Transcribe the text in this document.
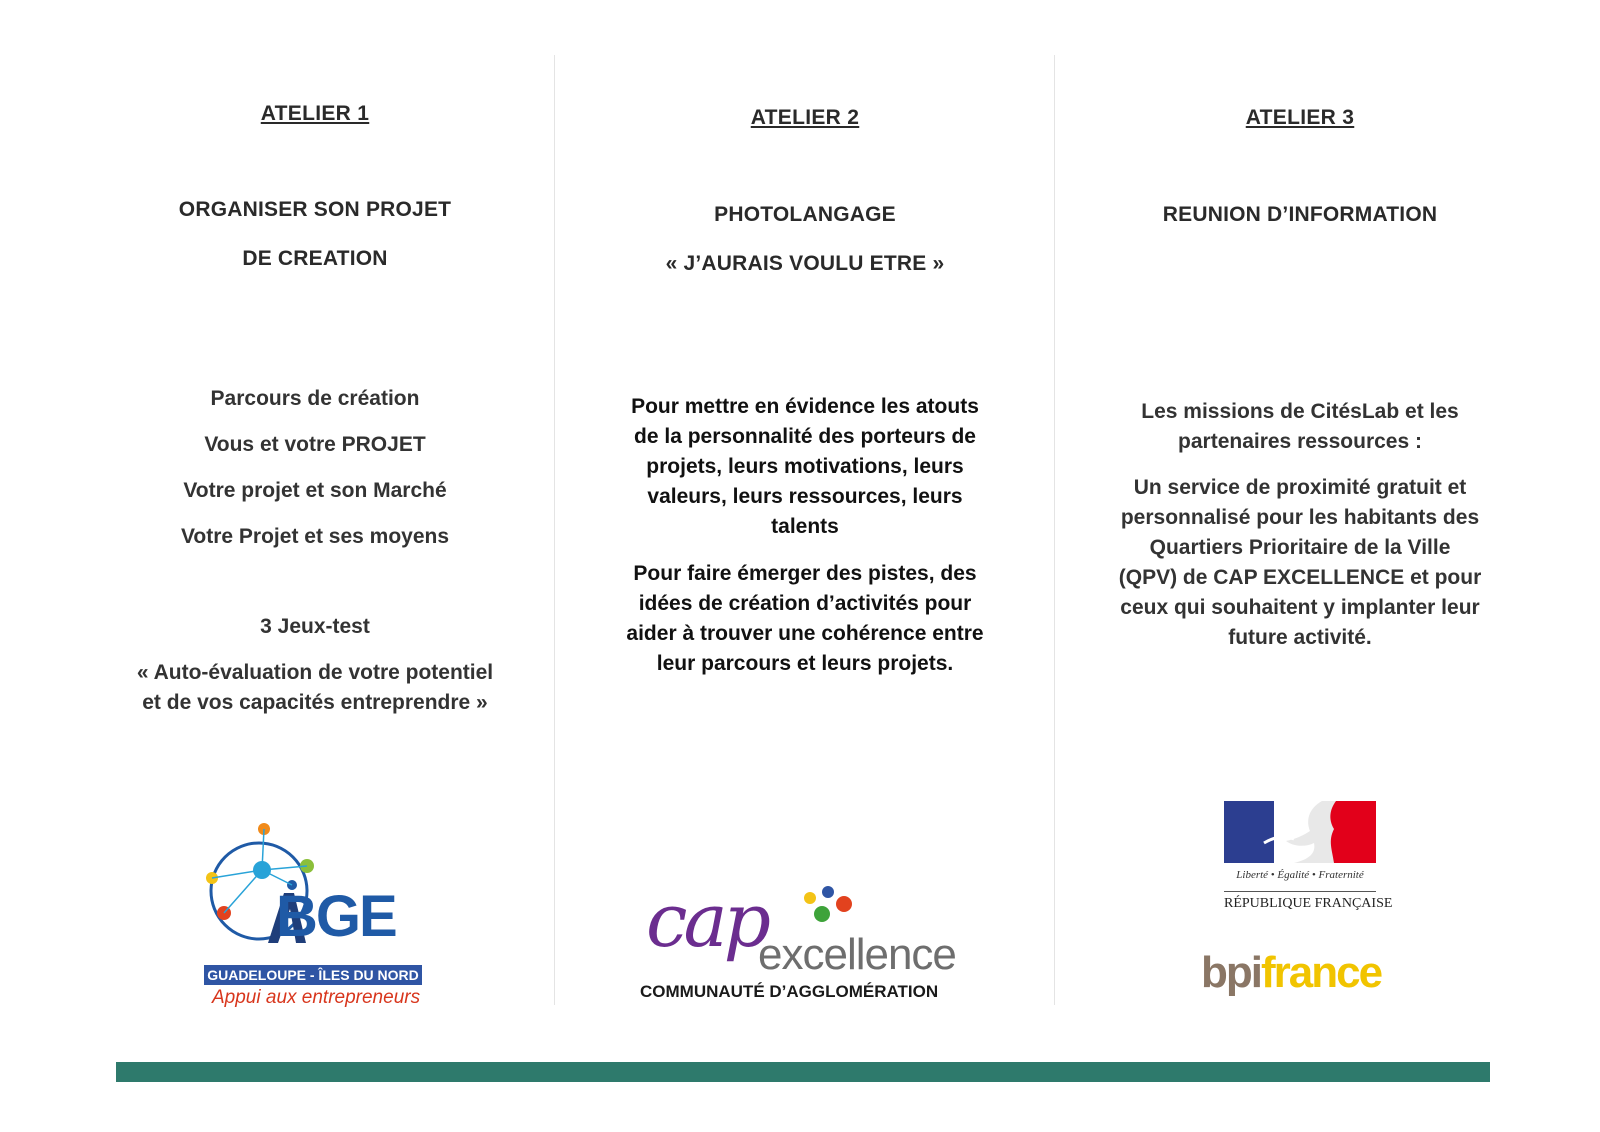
ATELIER 1
ORGANISER SON PROJET
DE CREATION
Parcours de création
Vous et votre PROJET
Votre projet et son Marché
Votre Projet et ses moyens
3 Jeux-test
« Auto-évaluation de votre potentiel
et de vos capacités entreprendre »
BGE
GUADELOUPE - ÎLES DU NORD
Appui aux entrepreneurs
ATELIER 2
PHOTOLANGAGE
« J’AURAIS VOULU ETRE »
Pour mettre en évidence les atouts
de la personnalité des porteurs de
projets, leurs motivations, leurs
valeurs, leurs ressources, leurs
talents
Pour faire émerger des pistes, des
idées de création d’activités pour
aider à trouver une cohérence entre
leur parcours et leurs projets.
cap
excellence
COMMUNAUTÉ D’AGGLOMÉRATION
ATELIER 3
REUNION D’INFORMATION
Les missions de CitésLab et les
partenaires ressources :
Un service de proximité gratuit et
personnalisé pour les habitants des
Quartiers Prioritaire de la Ville
(QPV) de CAP EXCELLENCE et pour
ceux qui souhaitent y implanter leur
future activité.
Liberté • Égalité • Fraternité
RÉPUBLIQUE FRANÇAISE
bpifrance
